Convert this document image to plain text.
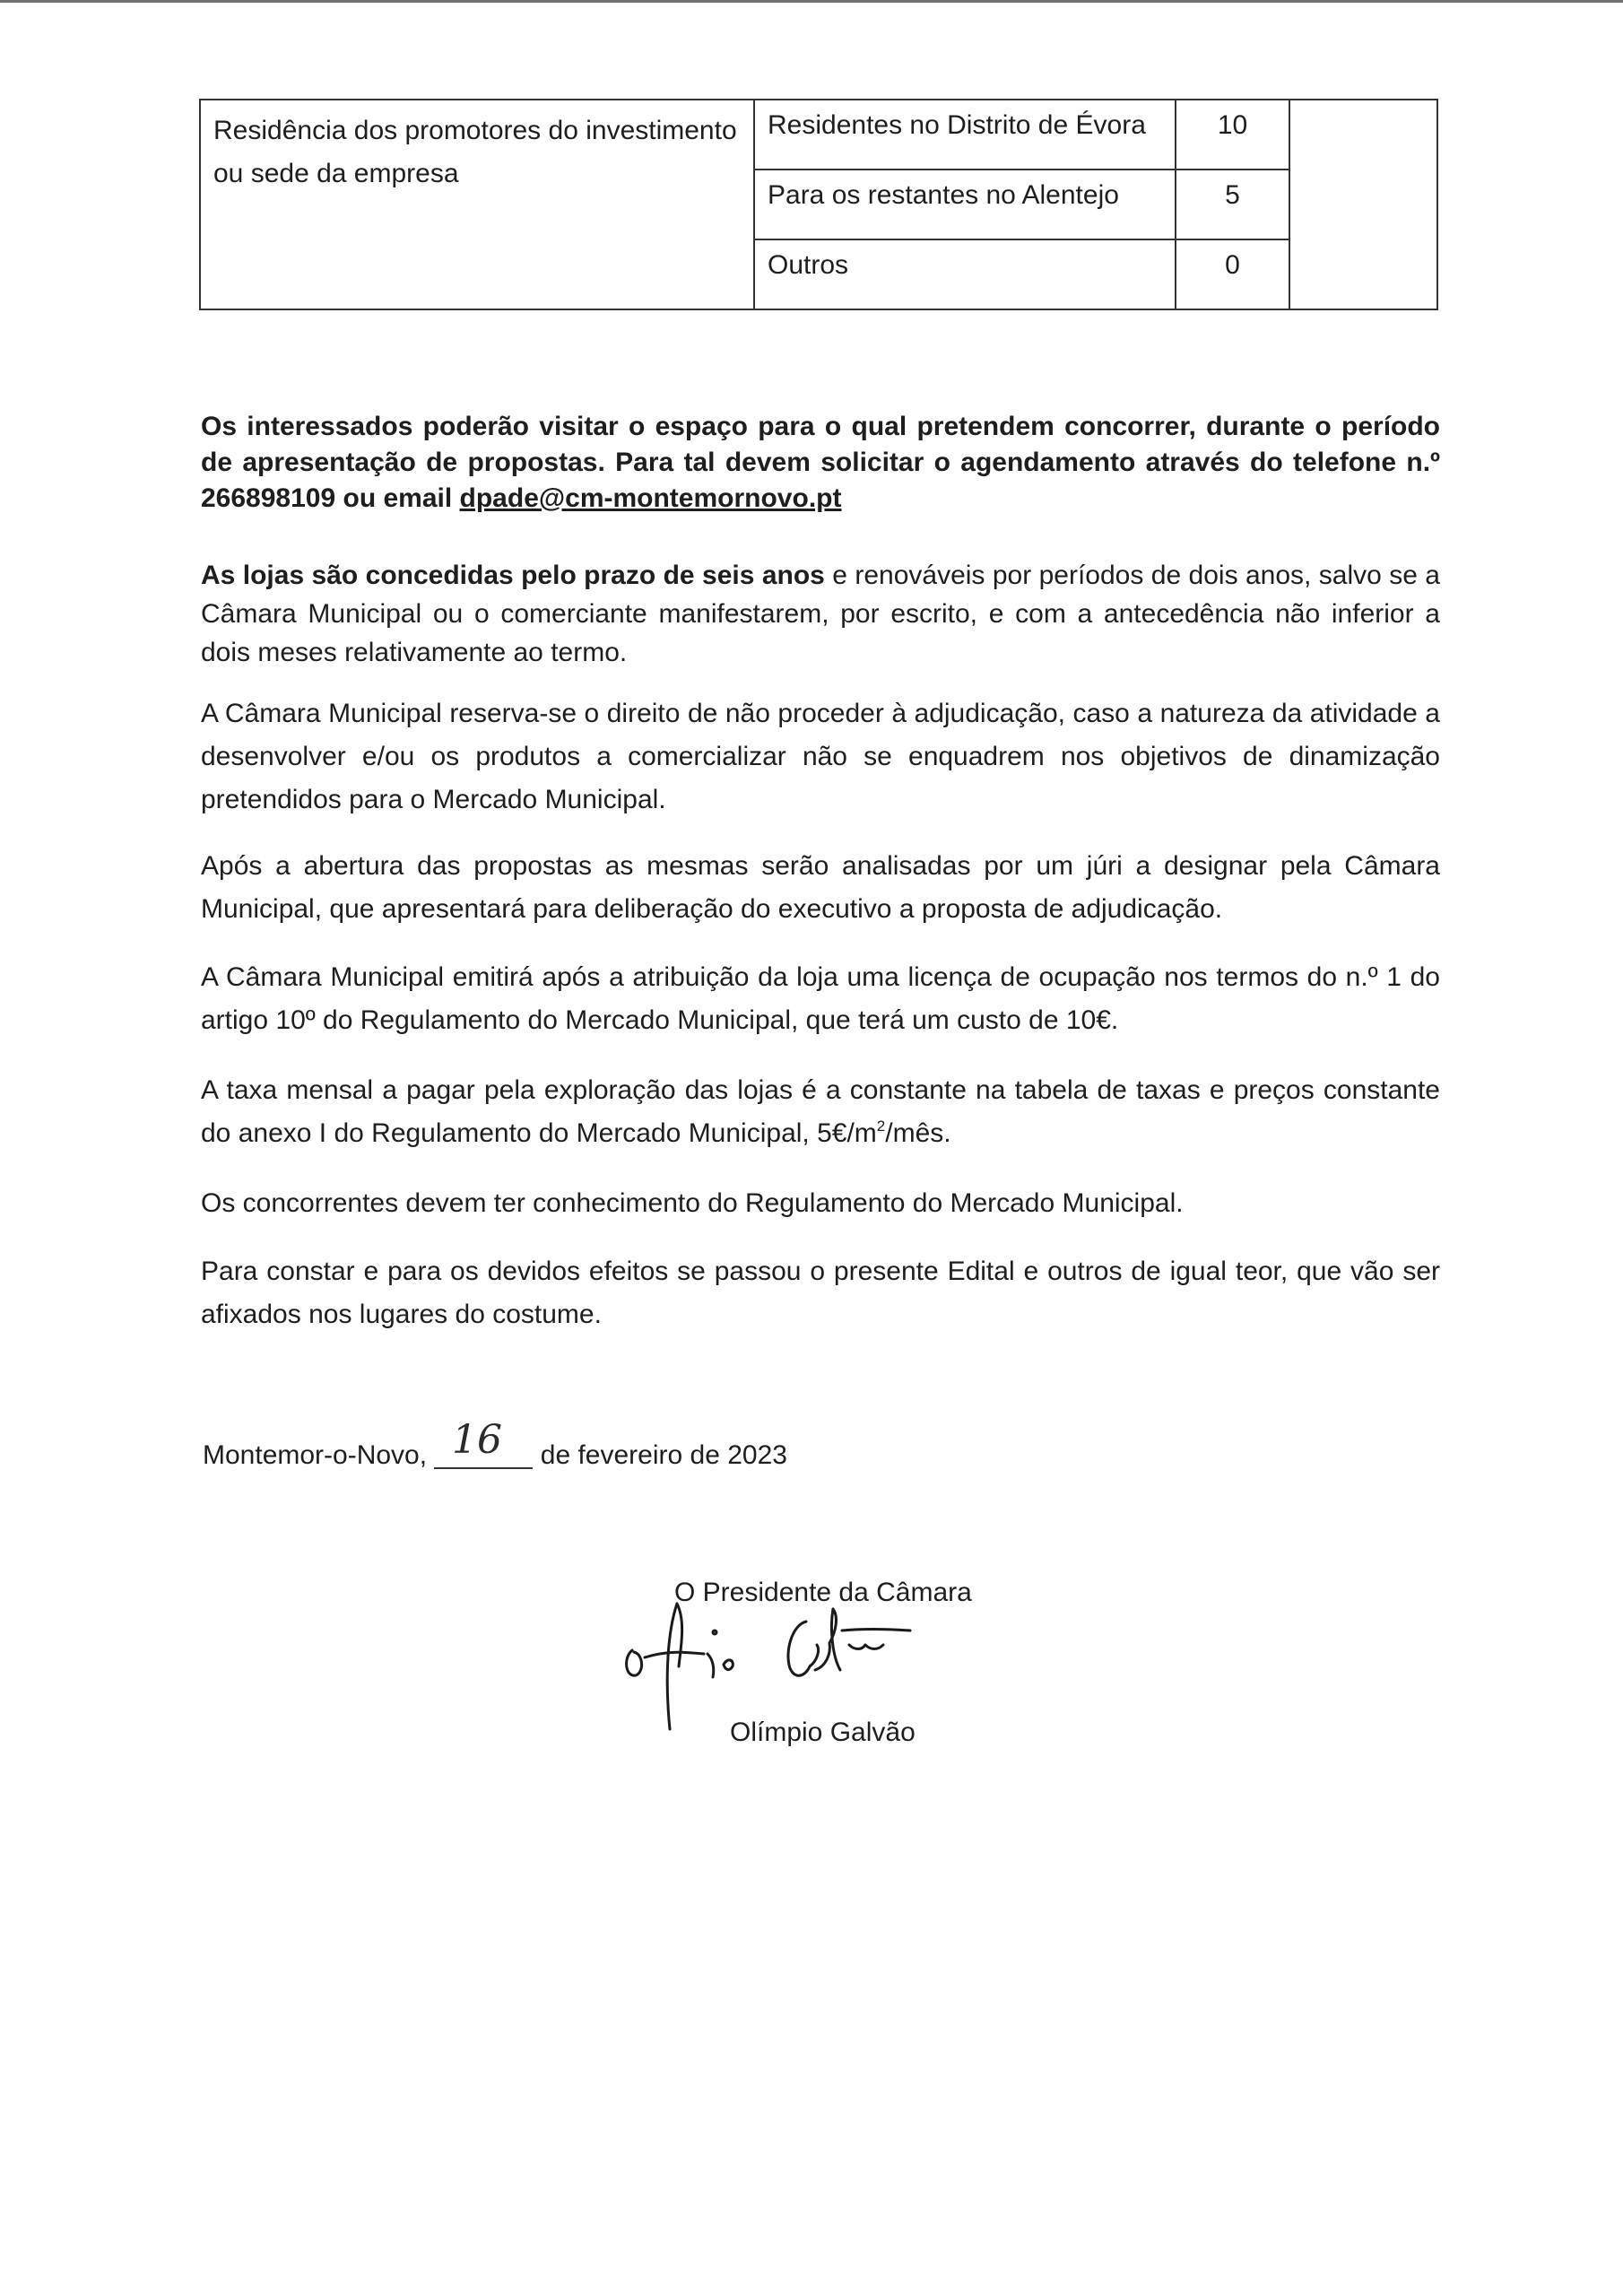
Residência dos promotores do investimento ou sede da empresa	Residentes no Distrito de Évora	10	
	Para os restantes no Alentejo	5	
	Outros	0	
Os interessados poderão visitar o espaço para o qual pretendem concorrer, durante o período de apresentação de propostas. Para tal devem solicitar o agendamento através do telefone n.º 266898109 ou email dpade@cm-montemornovo.pt
As lojas são concedidas pelo prazo de seis anos e renováveis por períodos de dois anos, salvo se a Câmara Municipal ou o comerciante manifestarem, por escrito, e com a antecedência não inferior a dois meses relativamente ao termo.
A Câmara Municipal reserva-se o direito de não proceder à adjudicação, caso a natureza da atividade a desenvolver e/ou os produtos a comercializar não se enquadrem nos objetivos de dinamização pretendidos para o Mercado Municipal.
Após a abertura das propostas as mesmas serão analisadas por um júri a designar pela Câmara Municipal, que apresentará para deliberação do executivo a proposta de adjudicação.
A Câmara Municipal emitirá após a atribuição da loja uma licença de ocupação nos termos do n.º 1 do artigo 10º do Regulamento do Mercado Municipal, que terá um custo de 10€.
A taxa mensal a pagar pela exploração das lojas é a constante na tabela de taxas e preços constante do anexo I do Regulamento do Mercado Municipal, $5€/m^2$/mês.
Os concorrentes devem ter conhecimento do Regulamento do Mercado Municipal.
Para constar e para os devidos efeitos se passou o presente Edital e outros de igual teor, que vão ser afixados nos lugares do costume.
Montemor-o-Novo, 16 de fevereiro de 2023
O Presidente da Câmara
Olímpio Galvão
